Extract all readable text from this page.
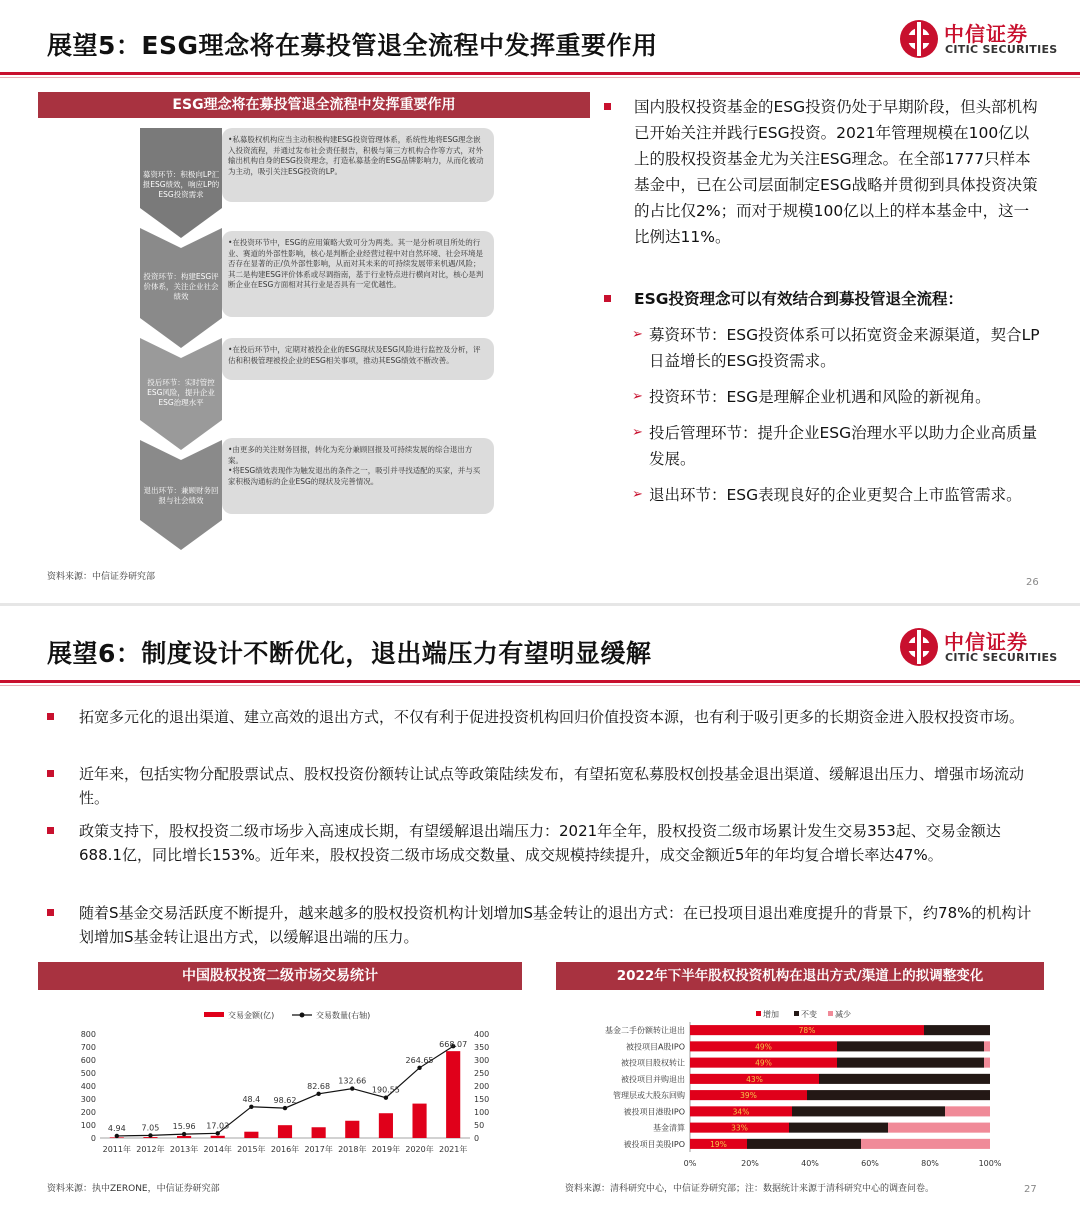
展望5：ESG理念将在募投管退全流程中发挥重要作用	中信证券
CITIC SECURITIES
ESG理念将在募投管退全流程中发挥重要作用
募资环节：积极向LP汇报ESG绩效，响应LP的ESG投资需求
投资环节：构建ESG评价体系，关注企业社会绩效
投后环节：实时管控ESG风险，提升企业ESG治理水平
退出环节：兼顾财务回报与社会绩效
•私募股权机构应当主动积极构建ESG投资管理体系，系统性地将ESG理念嵌入投资流程，并通过发布社会责任报告，积极与第三方机构合作等方式，对外输出机构自身的ESG投资理念，打造私募基金的ESG品牌影响力，从而化被动为主动，吸引关注ESG投资的LP。
•在投资环节中，ESG的应用策略大致可分为两类。其一是分析项目所处的行业、赛道的外部性影响，核心是判断企业经营过程中对自然环境、社会环境是否存在显著的正/负外部性影响，从而对其未来的可持续发展带来机遇/风险；其二是构建ESG评价体系或尽调指南，基于行业特点进行横向对比，核心是判断企业在ESG方面相对其行业是否具有一定优越性。
•在投后环节中，定期对被投企业的ESG现状及ESG风险进行监控及分析，评估和积极管理被投企业的ESG相关事项，推动其ESG绩效不断改善。
•由更多的关注财务回报，转化为充分兼顾回报及可持续发展的综合退出方案。
•将ESG绩效表现作为触发退出的条件之一，吸引并寻找适配的买家，并与买家积极沟通标的企业ESG的现状及完善情况。
资料来源：中信证券研究部	26
国内股权投资基金的ESG投资仍处于早期阶段，但头部机构已开始关注并践行ESG投资。2021年管理规模在100亿以上的股权投资基金尤为关注ESG理念。在全部1777只样本基金中，已在公司层面制定ESG战略并贯彻到具体投资决策的占比仅2%；而对于规模100亿以上的样本基金中，这一比例达11%。
ESG投资理念可以有效结合到募投管退全流程：
➢ 募资环节：ESG投资体系可以拓宽资金来源渠道，契合LP日益增长的ESG投资需求。
➢ 投资环节：ESG是理解企业机遇和风险的新视角。
➢ 投后管理环节：提升企业ESG治理水平以助力企业高质量发展。
➢ 退出环节：ESG表现良好的企业更契合上市监管需求。
展望6：制度设计不断优化，退出端压力有望明显缓解	中信证券
CITIC SECURITIES
拓宽多元化的退出渠道、建立高效的退出方式，不仅有利于促进投资机构回归价值投资本源，也有利于吸引更多的长期资金进入股权投资市场。
近年来，包括实物分配股票试点、股权投资份额转让试点等政策陆续发布，有望拓宽私募股权创投基金退出渠道、缓解退出压力、增强市场流动性。
政策支持下，股权投资二级市场步入高速成长期，有望缓解退出端压力：2021年全年，股权投资二级市场累计发生交易353起、交易金额达688.1亿，同比增长153%。近年来，股权投资二级市场成交数量、成交规模持续提升，成交金额近5年的年均复合增长率达47%。
随着S基金交易活跃度不断提升，越来越多的股权投资机构计划增加S基金转让的退出方式：在已投项目退出难度提升的背景下，约78%的机构计划增加S基金转让退出方式，以缓解退出端的压力。
中国股权投资二级市场交易统计	2022年下半年股权投资机构在退出方式/渠道上的拟调整变化
交易金额(亿)	交易数量(右轴)
0
100
200
300
400
500
600
700
800
0
50
100
150
200
250
300
350
400
2011年 2012年 2013年 2014年 2015年 2016年 2017年 2018年 2019年 2020年 2021年
4.94 7.05 15.96 17.03
48.4 98.62
82.68
132.66
190.55
264.65
668.07
增加	不变 减少
基金二手份额转让退出	78%
被投项目A股IPO	49%
被投项目股权转让	49%
被投项目并购退出	43%
管理层或大股东回购	39%
被投项目港股IPO	34%
基金清算	33%
被投项目美股IPO	19%
0%	20%	40%	60%	80%	100%
资料来源：执中ZERONE，中信证券研究部	资料来源：清科研究中心，中信证券研究部；注：数据统计来源于清科研究中心的调查问卷。	27
